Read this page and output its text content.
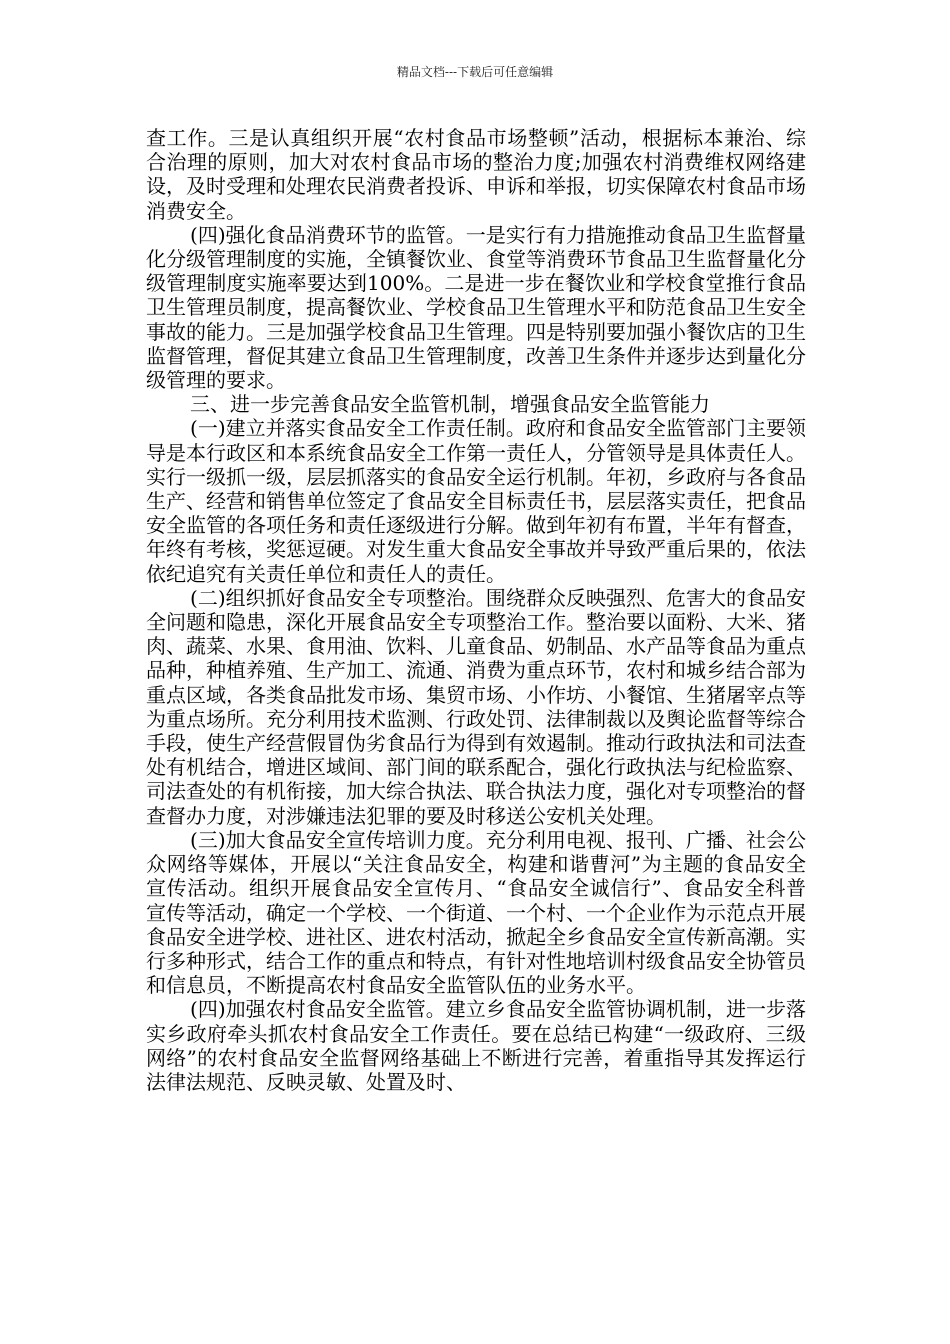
精品文档---下载后可任意编辑

查工作。三是认真组织开展“农村食品市场整顿”活动，根据标本兼治、综合治理的原则，加大对农村食品市场的整治力度;加强农村消费维权网络建设，及时受理和处理农民消费者投诉、申诉和举报，切实保障农村食品市场消费安全。

(四)强化食品消费环节的监管。一是实行有力措施推动食品卫生监督量化分级管理制度的实施，全镇餐饮业、食堂等消费环节食品卫生监督量化分级管理制度实施率要达到100%。二是进一步在餐饮业和学校食堂推行食品卫生管理员制度，提高餐饮业、学校食品卫生管理水平和防范食品卫生安全事故的能力。三是加强学校食品卫生管理。四是特别要加强小餐饮店的卫生监督管理，督促其建立食品卫生管理制度，改善卫生条件并逐步达到量化分级管理的要求。

三、进一步完善食品安全监管机制，增强食品安全监管能力

(一)建立并落实食品安全工作责任制。政府和食品安全监管部门主要领导是本行政区和本系统食品安全工作第一责任人，分管领导是具体责任人。实行一级抓一级，层层抓落实的食品安全运行机制。年初，乡政府与各食品生产、经营和销售单位签定了食品安全目标责任书，层层落实责任，把食品安全监管的各项任务和责任逐级进行分解。做到年初有布置，半年有督查，年终有考核，奖惩逗硬。对发生重大食品安全事故并导致严重后果的，依法依纪追究有关责任单位和责任人的责任。

(二)组织抓好食品安全专项整治。围绕群众反映强烈、危害大的食品安全问题和隐患，深化开展食品安全专项整治工作。整治要以面粉、大米、猪肉、蔬菜、水果、食用油、饮料、儿童食品、奶制品、水产品等食品为重点品种，种植养殖、生产加工、流通、消费为重点环节，农村和城乡结合部为重点区域，各类食品批发市场、集贸市场、小作坊、小餐馆、生猪屠宰点等为重点场所。充分利用技术监测、行政处罚、法律制裁以及舆论监督等综合手段，使生产经营假冒伪劣食品行为得到有效遏制。推动行政执法和司法查处有机结合，增进区域间、部门间的联系配合，强化行政执法与纪检监察、司法查处的有机衔接，加大综合执法、联合执法力度，强化对专项整治的督查督办力度，对涉嫌违法犯罪的要及时移送公安机关处理。

(三)加大食品安全宣传培训力度。充分利用电视、报刊、广播、社会公众网络等媒体，开展以“关注食品安全，构建和谐曹河”为主题的食品安全宣传活动。组织开展食品安全宣传月、“食品安全诚信行”、食品安全科普宣传等活动，确定一个学校、一个街道、一个村、一个企业作为示范点开展食品安全进学校、进社区、进农村活动，掀起全乡食品安全宣传新高潮。实行多种形式，结合工作的重点和特点，有针对性地培训村级食品安全协管员和信息员，不断提高农村食品安全监管队伍的业务水平。

(四)加强农村食品安全监管。建立乡食品安全监管协调机制，进一步落实乡政府牵头抓农村食品安全工作责任。要在总结已构建“一级政府、三级网络”的农村食品安全监督网络基础上不断进行完善，着重指导其发挥运行法律法规范、反映灵敏、处置及时、
